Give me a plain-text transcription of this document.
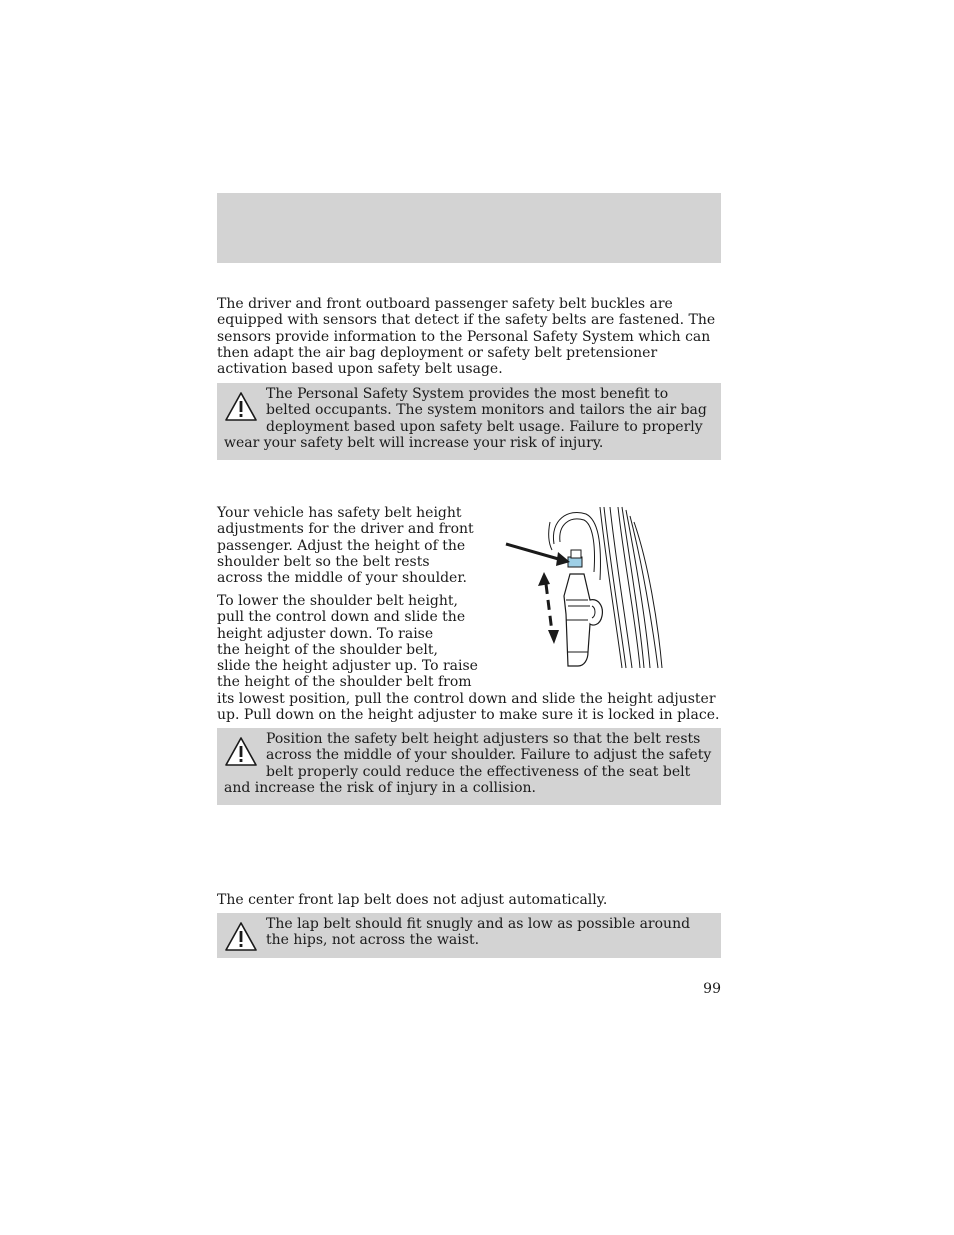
The driver and front outboard passenger safety belt buckles are equipped with sensors that detect if the safety belts are fastened. The sensors provide information to the Personal Safety System which can then adapt the air bag deployment or safety belt pretensioner activation based upon safety belt usage.

The Personal Safety System provides the most benefit to belted occupants. The system monitors and tailors the air bag deployment based upon safety belt usage. Failure to properly wear your safety belt will increase your risk of injury.

Your vehicle has safety belt height adjustments for the driver and front passenger. Adjust the height of the shoulder belt so the belt rests across the middle of your shoulder.

To lower the shoulder belt height,
pull the control down and slide the
height adjuster down. To raise
the height of the shoulder belt,
slide the height adjuster up. To raise
the height of the shoulder belt from
its lowest position, pull the control down and slide the height adjuster up. Pull down on the height adjuster to make sure it is locked in place.
Position the safety belt height adjusters so that the belt rests across the middle of your shoulder. Failure to adjust the safety belt properly could reduce the effectiveness of the seat belt and increase the risk of injury in a collision.

The center front lap belt does not adjust automatically.

The lap belt should fit snugly and as low as possible around the hips, not across the waist.
99
